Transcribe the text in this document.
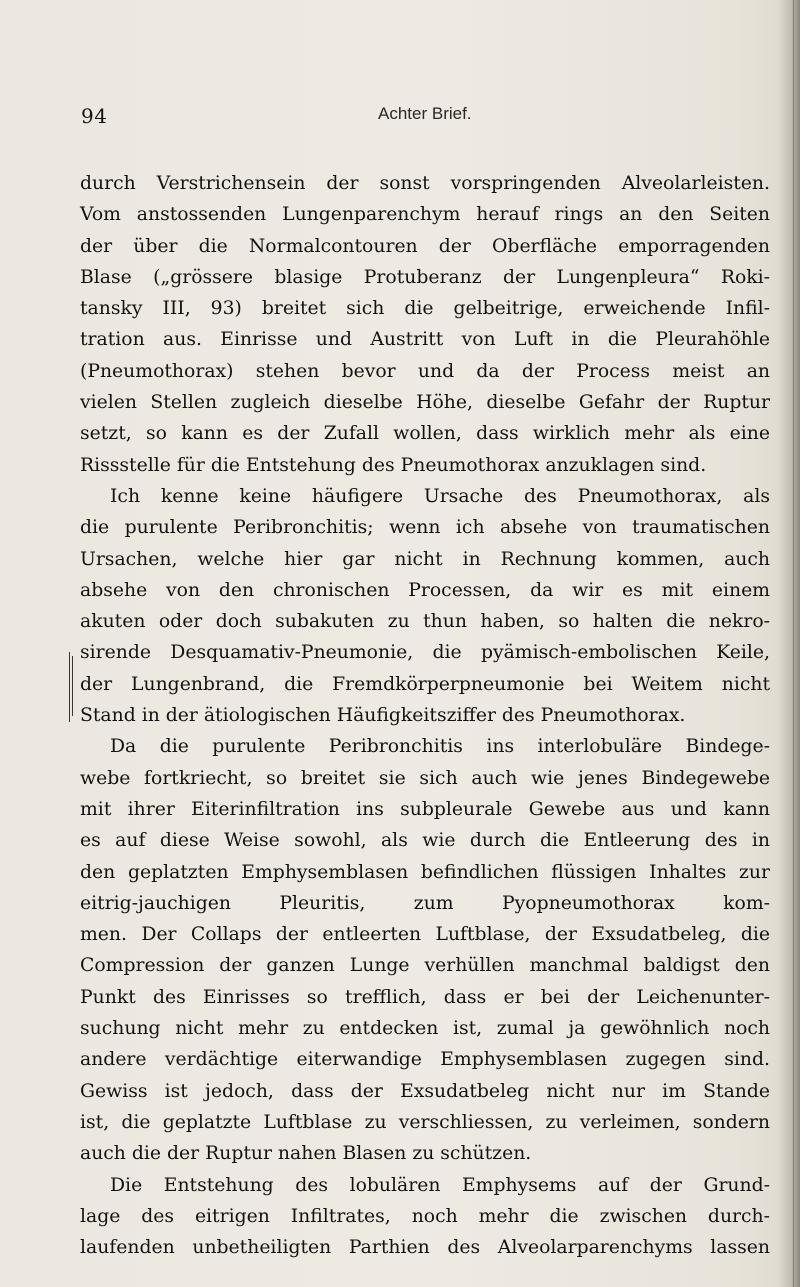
94	Achter Brief.
durch Verstrichensein der sonst vorspringenden Alveolarleisten.
Vom anstossenden Lungenparenchym herauf rings an den Seiten
der über die Normalcontouren der Oberfläche emporragenden
Blase („grössere blasige Protuberanz der Lungenpleura“ Roki-
tansky III, 93) breitet sich die gelbeitrige, erweichende Infil-
tration aus. Einrisse und Austritt von Luft in die Pleurahöhle
(Pneumothorax) stehen bevor und da der Process meist an
vielen Stellen zugleich dieselbe Höhe, dieselbe Gefahr der Ruptur
setzt, so kann es der Zufall wollen, dass wirklich mehr als eine
Rissstelle für die Entstehung des Pneumothorax anzuklagen sind.
Ich kenne keine häufigere Ursache des Pneumothorax, als
die purulente Peribronchitis; wenn ich absehe von traumatischen
Ursachen, welche hier gar nicht in Rechnung kommen, auch
absehe von den chronischen Processen, da wir es mit einem
akuten oder doch subakuten zu thun haben, so halten die nekro-
sirende Desquamativ-Pneumonie, die pyämisch-embolischen Keile,
der Lungenbrand, die Fremdkörperpneumonie bei Weitem nicht
Stand in der ätiologischen Häufigkeitsziffer des Pneumothorax.
Da die purulente Peribronchitis ins interlobuläre Bindege-
webe fortkriecht, so breitet sie sich auch wie jenes Bindegewebe
mit ihrer Eiterinfiltration ins subpleurale Gewebe aus und kann
es auf diese Weise sowohl, als wie durch die Entleerung des in
den geplatzten Emphysemblasen befindlichen flüssigen Inhaltes zur
eitrig-jauchigen Pleuritis, zum Pyopneumothorax kom-
men. Der Collaps der entleerten Luftblase, der Exsudatbeleg, die
Compression der ganzen Lunge verhüllen manchmal baldigst den
Punkt des Einrisses so trefflich, dass er bei der Leichenunter-
suchung nicht mehr zu entdecken ist, zumal ja gewöhnlich noch
andere verdächtige eiterwandige Emphysemblasen zugegen sind.
Gewiss ist jedoch, dass der Exsudatbeleg nicht nur im Stande
ist, die geplatzte Luftblase zu verschliessen, zu verleimen, sondern
auch die der Ruptur nahen Blasen zu schützen.
Die Entstehung des lobulären Emphysems auf der Grund-
lage des eitrigen Infiltrates, noch mehr die zwischen durch-
laufenden unbetheiligten Parthien des Alveolarparenchyms lassen
